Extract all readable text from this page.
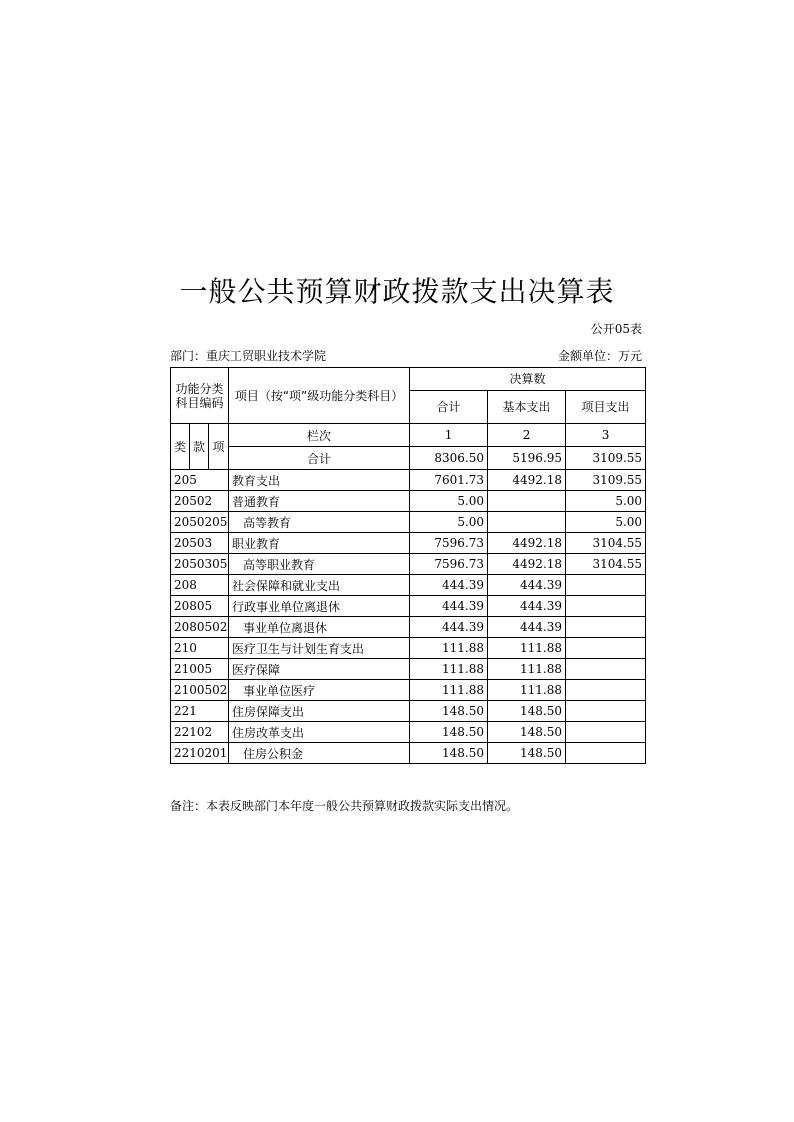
一般公共预算财政拨款支出决算表
公开05表
部门：重庆工贸职业技术学院	金额单位：万元
功能分类科目编码			项目（按“项”级功能分类科目）	决算数		
				合计	基本支出	项目支出
类	款	项	栏次	1	2	3
			合计	8306.50	5196.95	3109.55
205			教育支出	7601.73	4492.18	3109.55
20502			普通教育	5.00		5.00
2050205			高等教育	5.00		5.00
20503			职业教育	7596.73	4492.18	3104.55
2050305			高等职业教育	7596.73	4492.18	3104.55
208			社会保障和就业支出	444.39	444.39	
20805			行政事业单位离退休	444.39	444.39	
2080502			事业单位离退休	444.39	444.39	
210			医疗卫生与计划生育支出	111.88	111.88	
21005			医疗保障	111.88	111.88	
2100502			事业单位医疗	111.88	111.88	
221			住房保障支出	148.50	148.50	
22102			住房改革支出	148.50	148.50	
2210201			住房公积金	148.50	148.50	
备注：本表反映部门本年度一般公共预算财政拨款实际支出情况。
